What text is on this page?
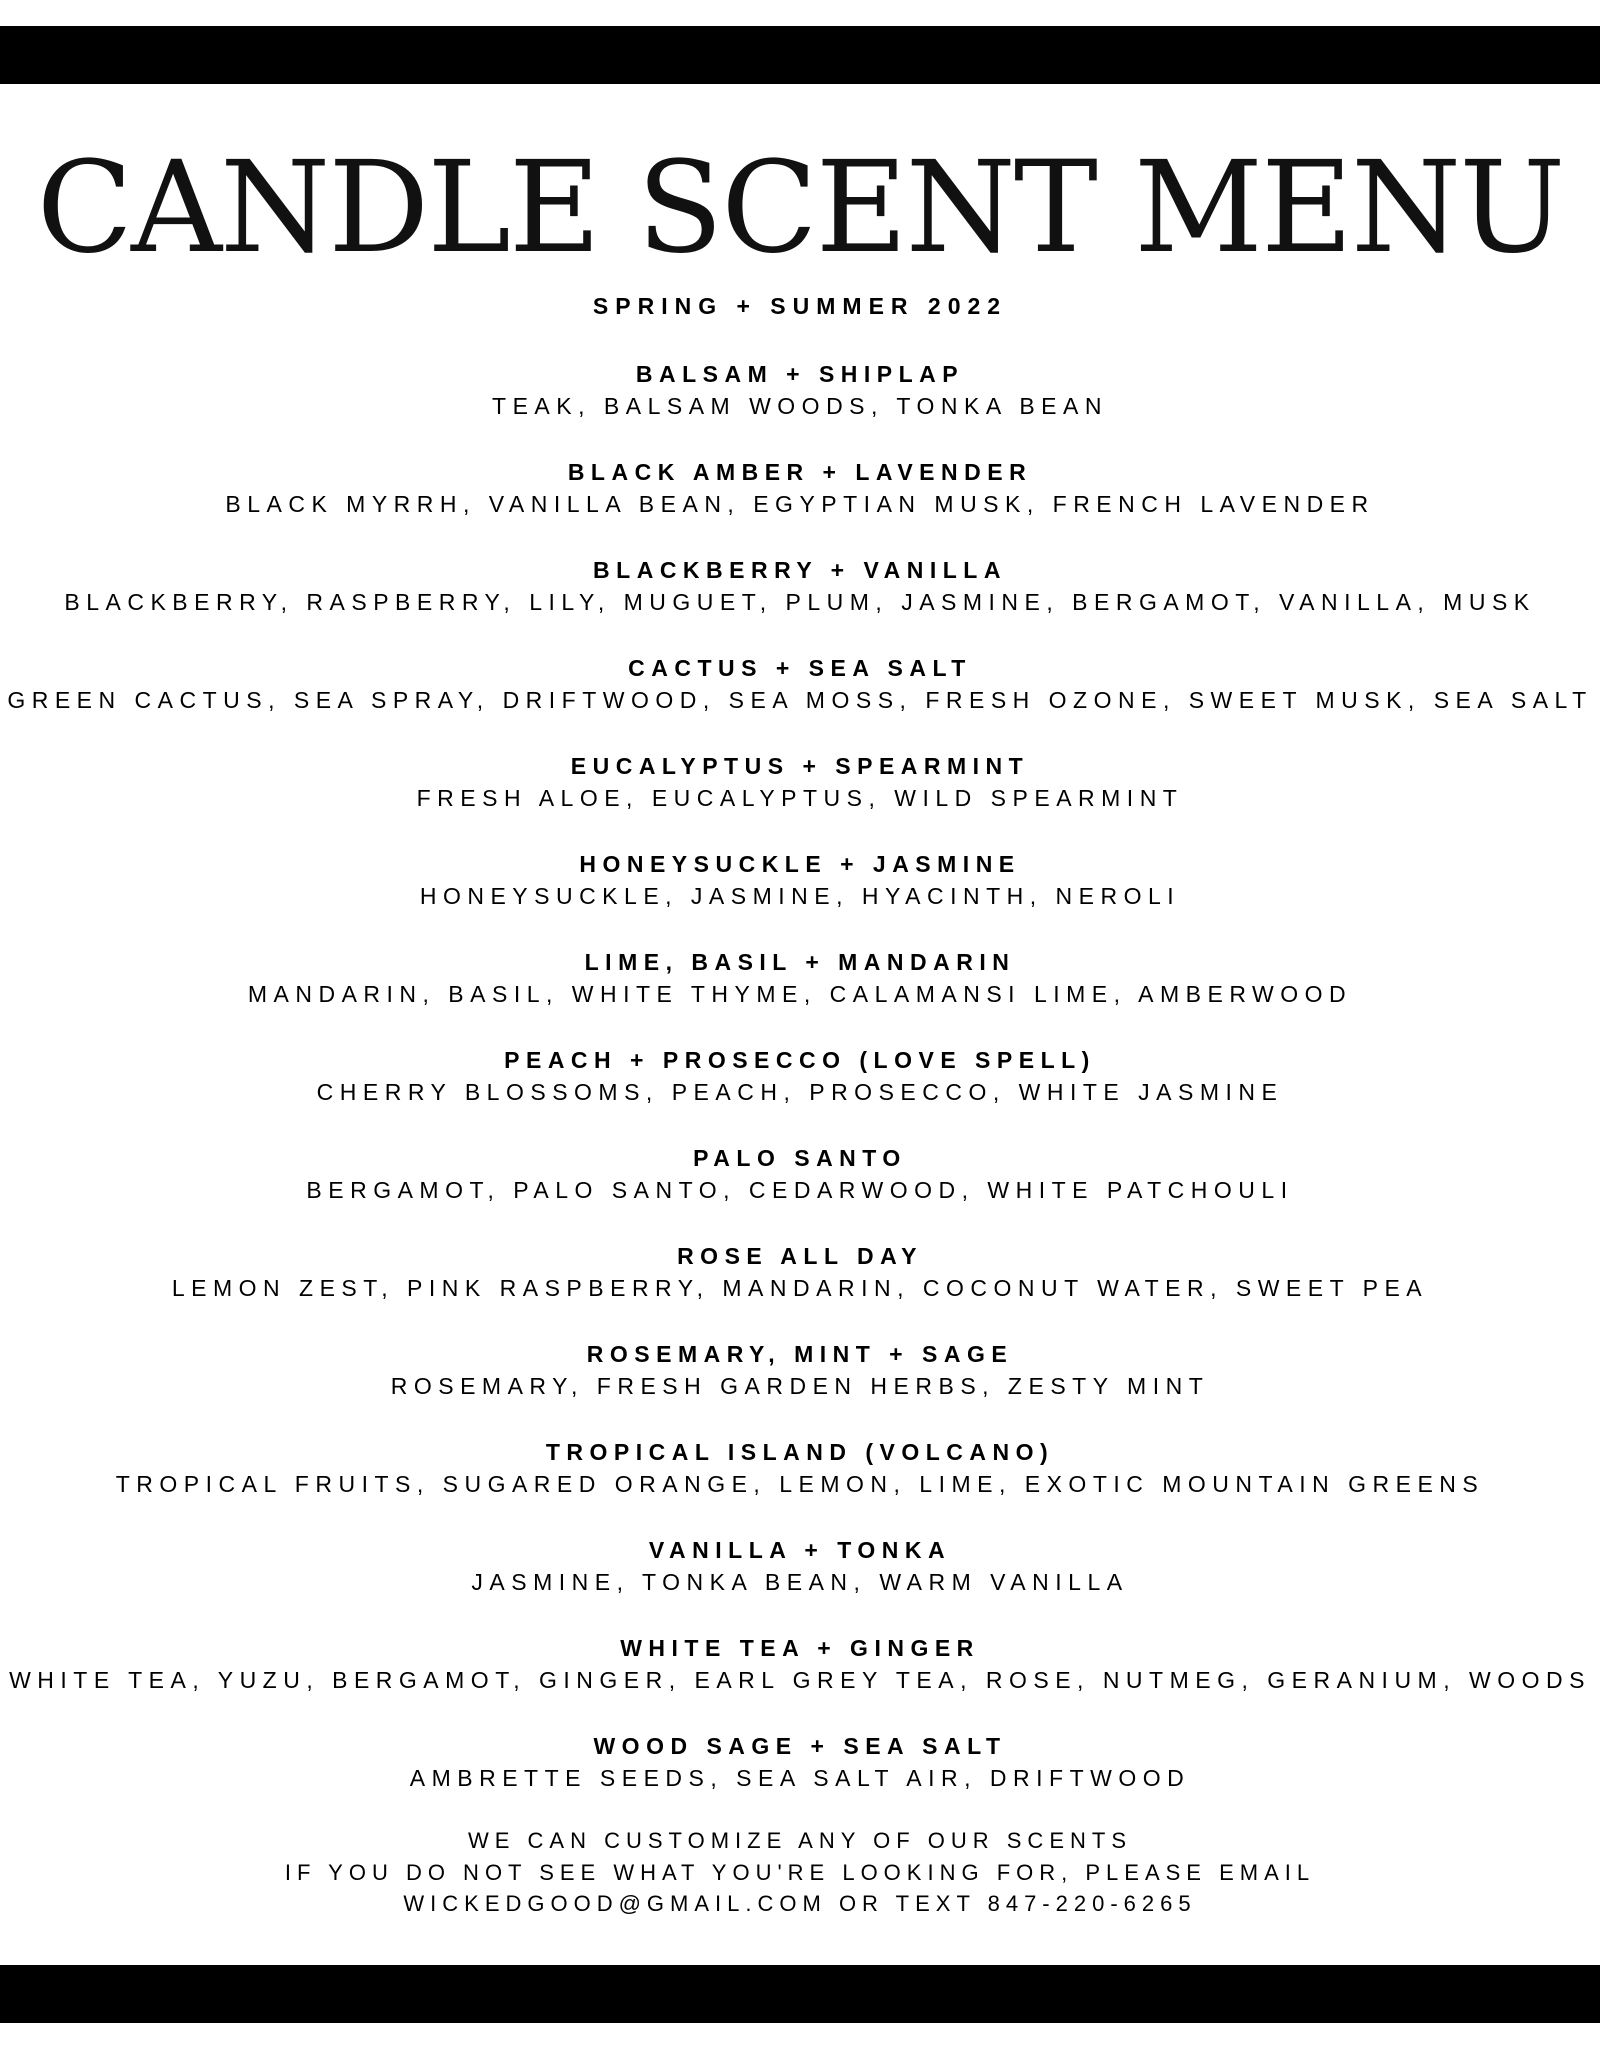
CANDLE SCENT MENU
SPRING + SUMMER 2022
BALSAM + SHIPLAP
TEAK, BALSAM WOODS, TONKA BEAN
BLACK AMBER + LAVENDER
BLACK MYRRH, VANILLA BEAN, EGYPTIAN MUSK, FRENCH LAVENDER
BLACKBERRY + VANILLA
BLACKBERRY, RASPBERRY, LILY, MUGUET, PLUM, JASMINE, BERGAMOT, VANILLA, MUSK
CACTUS + SEA SALT
GREEN CACTUS, SEA SPRAY, DRIFTWOOD, SEA MOSS, FRESH OZONE, SWEET MUSK, SEA SALT
EUCALYPTUS + SPEARMINT
FRESH ALOE, EUCALYPTUS, WILD SPEARMINT
HONEYSUCKLE + JASMINE
HONEYSUCKLE, JASMINE, HYACINTH, NEROLI
LIME, BASIL + MANDARIN
MANDARIN, BASIL, WHITE THYME, CALAMANSI LIME, AMBERWOOD
PEACH + PROSECCO (LOVE SPELL)
CHERRY BLOSSOMS, PEACH, PROSECCO, WHITE JASMINE
PALO SANTO
BERGAMOT, PALO SANTO, CEDARWOOD, WHITE PATCHOULI
ROSE ALL DAY
LEMON ZEST, PINK RASPBERRY, MANDARIN, COCONUT WATER, SWEET PEA
ROSEMARY, MINT + SAGE
ROSEMARY, FRESH GARDEN HERBS, ZESTY MINT
TROPICAL ISLAND (VOLCANO)
TROPICAL FRUITS, SUGARED ORANGE, LEMON, LIME, EXOTIC MOUNTAIN GREENS
VANILLA + TONKA
JASMINE, TONKA BEAN, WARM VANILLA
WHITE TEA + GINGER
WHITE TEA, YUZU, BERGAMOT, GINGER, EARL GREY TEA, ROSE, NUTMEG, GERANIUM, WOODS
WOOD SAGE + SEA SALT
AMBRETTE SEEDS, SEA SALT AIR, DRIFTWOOD
WE CAN CUSTOMIZE ANY OF OUR SCENTS
IF YOU DO NOT SEE WHAT YOU'RE LOOKING FOR, PLEASE EMAIL
WICKEDGOOD@GMAIL.COM OR TEXT 847-220-6265
